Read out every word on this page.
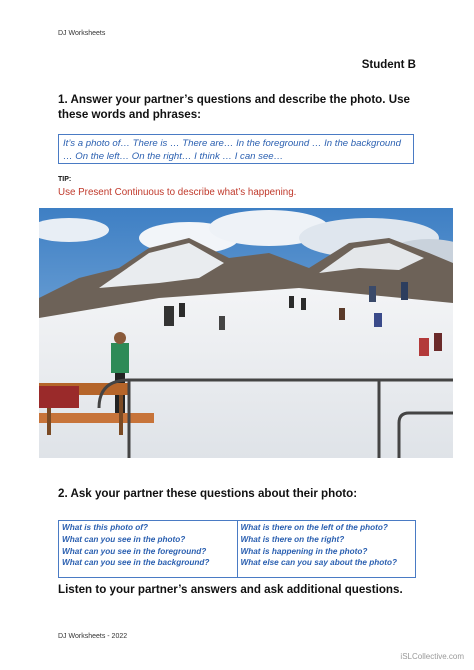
DJ Worksheets
Student B
1. Answer your partner’s questions and describe the photo. Use these words and phrases:
It’s a photo of… There is … There are… In the foreground … In the background … On the left… On the right… I think … I can see…
TIP:
Use Present Continuous to describe what’s happening.
2. Ask your partner these questions about their photo:
What is this photo of?
What can you see in the photo?
What can you see in the foreground?
What can you see in the background?
What is there on the left of the photo?
What is there on the right?
What is happening in the photo?
What else can you say about the photo?
Listen to your partner’s answers and ask additional questions.
DJ Worksheets - 2022
iSLCollective.com
